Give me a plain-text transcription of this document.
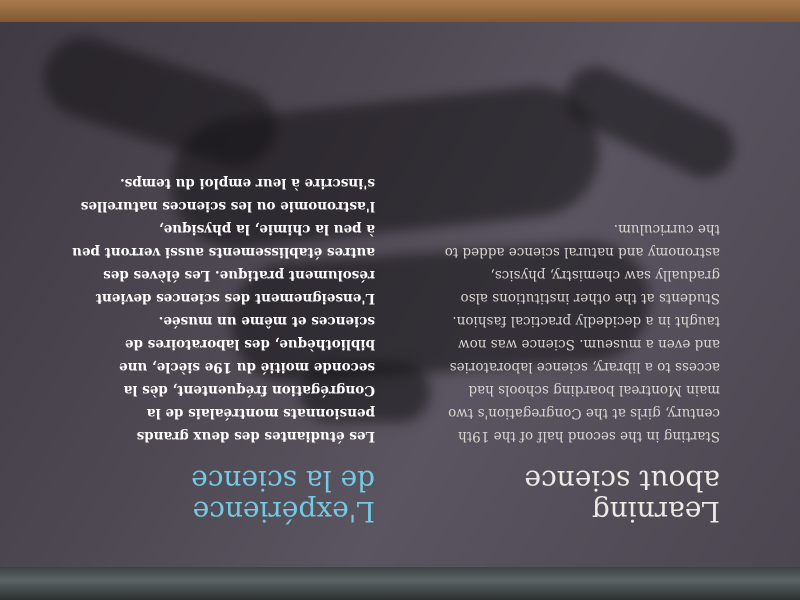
Learning
about science

Starting in the second half of the 19th century, girls at the Congregation's two main Montreal boarding schools had access to a library, science laboratories and even a museum. Science was now taught in a decidedly practical fashion. Students at the other institutions also gradually saw chemistry, physics, astronomy and natural science added to the curriculum.

L'expérience
de la science

Les étudiantes des deux grands pensionnats montréalais de la Congrégation fréquentent, dès la seconde moitié du 19e siècle, une bibliothèque, des laboratoires de sciences et même un musée. L'enseignement des sciences devient résolument pratique. Les élèves des autres établissements aussi verront peu à peu la chimie, la physique, l'astronomie ou les sciences naturelles s'inscrire à leur emploi du temps.
